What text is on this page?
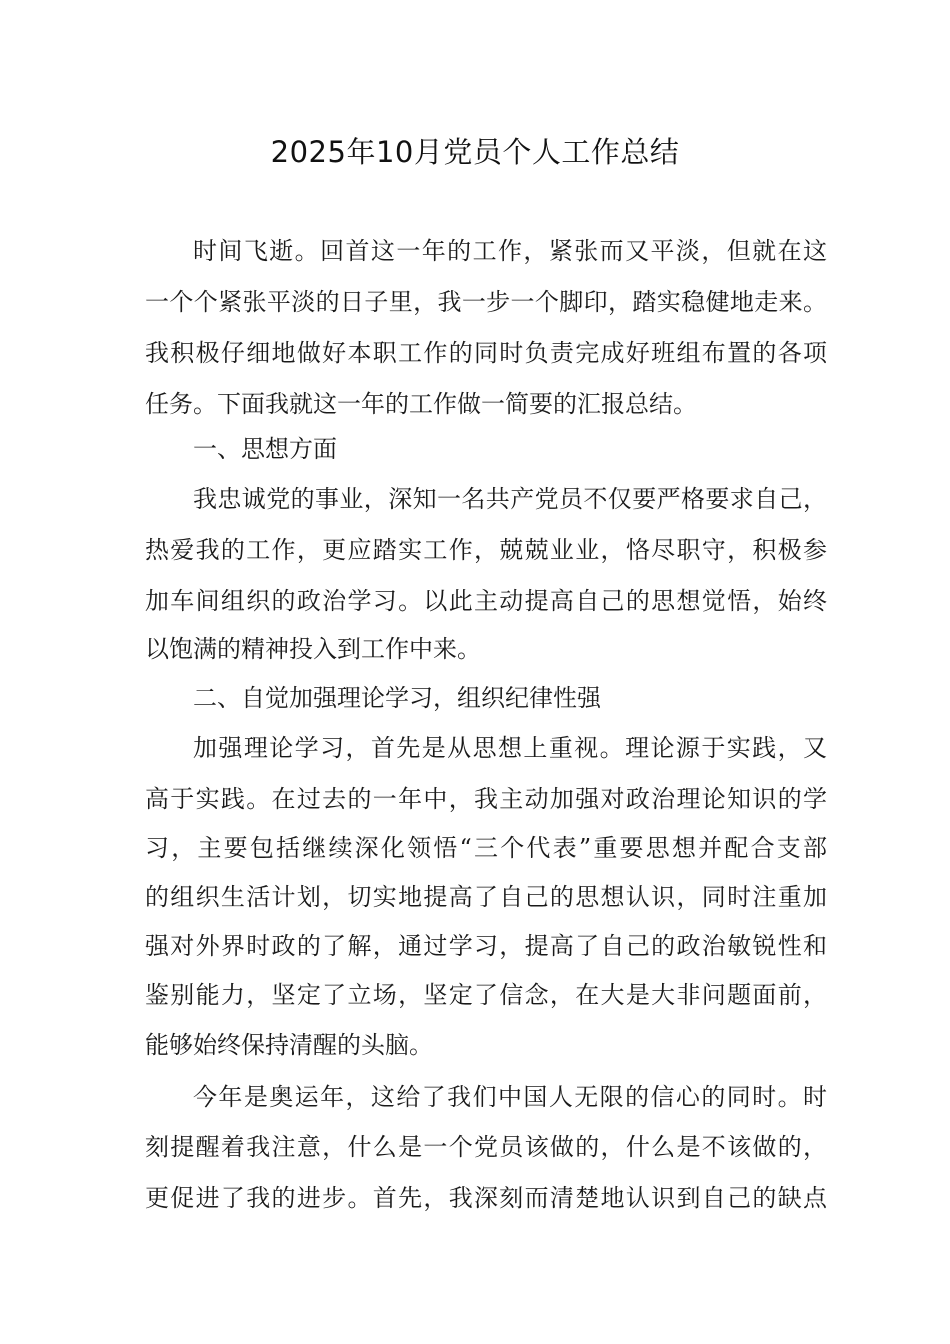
2025年10月党员个人工作总结
时间飞逝。回首这一年的工作，紧张而又平淡，但就在这
一个个紧张平淡的日子里，我一步一个脚印，踏实稳健地走来。
我积极仔细地做好本职工作的同时负责完成好班组布置的各项
任务。下面我就这一年的工作做一简要的汇报总结。
一、思想方面
我忠诚党的事业，深知一名共产党员不仅要严格要求自己，
热爱我的工作，更应踏实工作，兢兢业业，恪尽职守，积极参
加车间组织的政治学习。以此主动提高自己的思想觉悟，始终
以饱满的精神投入到工作中来。
二、自觉加强理论学习，组织纪律性强
加强理论学习，首先是从思想上重视。理论源于实践，又
高于实践。在过去的一年中，我主动加强对政治理论知识的学
习，主要包括继续深化领悟“三个代表”重要思想并配合支部
的组织生活计划，切实地提高了自己的思想认识，同时注重加
强对外界时政的了解，通过学习，提高了自己的政治敏锐性和
鉴别能力，坚定了立场，坚定了信念，在大是大非问题面前，
能够始终保持清醒的头脑。
今年是奥运年，这给了我们中国人无限的信心的同时。时
刻提醒着我注意，什么是一个党员该做的，什么是不该做的，
更促进了我的进步。首先，我深刻而清楚地认识到自己的缺点
